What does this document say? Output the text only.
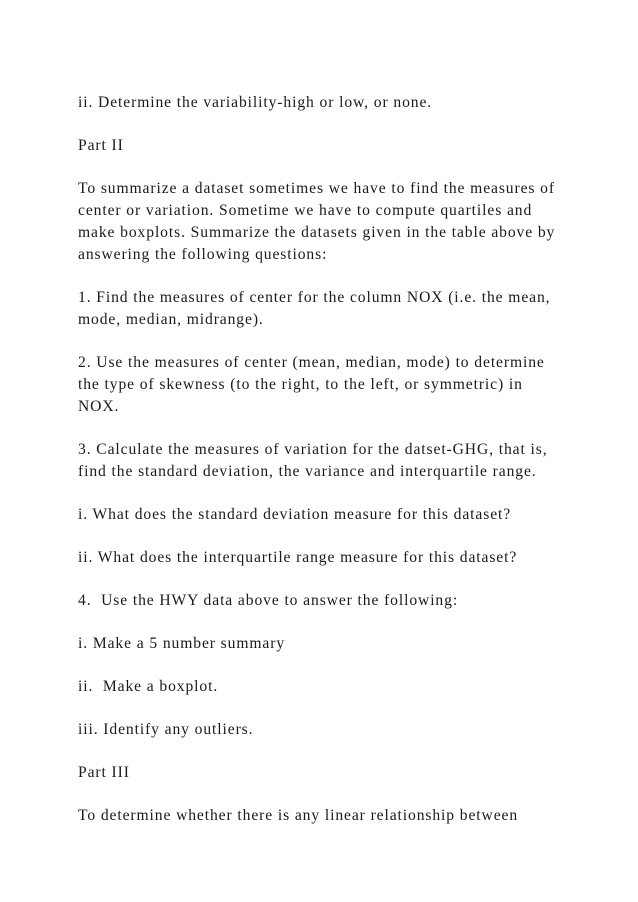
ii. Determine the variability-high or low, or none.

Part II

To summarize a dataset sometimes we have to find the measures of center or variation. Sometime we have to compute quartiles and make boxplots. Summarize the datasets given in the table above by answering the following questions:

1. Find the measures of center for the column NOX (i.e. the mean, mode, median, midrange).

2. Use the measures of center (mean, median, mode) to determine the type of skewness (to the right, to the left, or symmetric) in NOX.

3. Calculate the measures of variation for the datset-GHG, that is, find the standard deviation, the variance and interquartile range.

i. What does the standard deviation measure for this dataset?

ii. What does the interquartile range measure for this dataset?

4.  Use the HWY data above to answer the following:

i. Make a 5 number summary

ii.  Make a boxplot.

iii. Identify any outliers.

Part III

To determine whether there is any linear relationship between
